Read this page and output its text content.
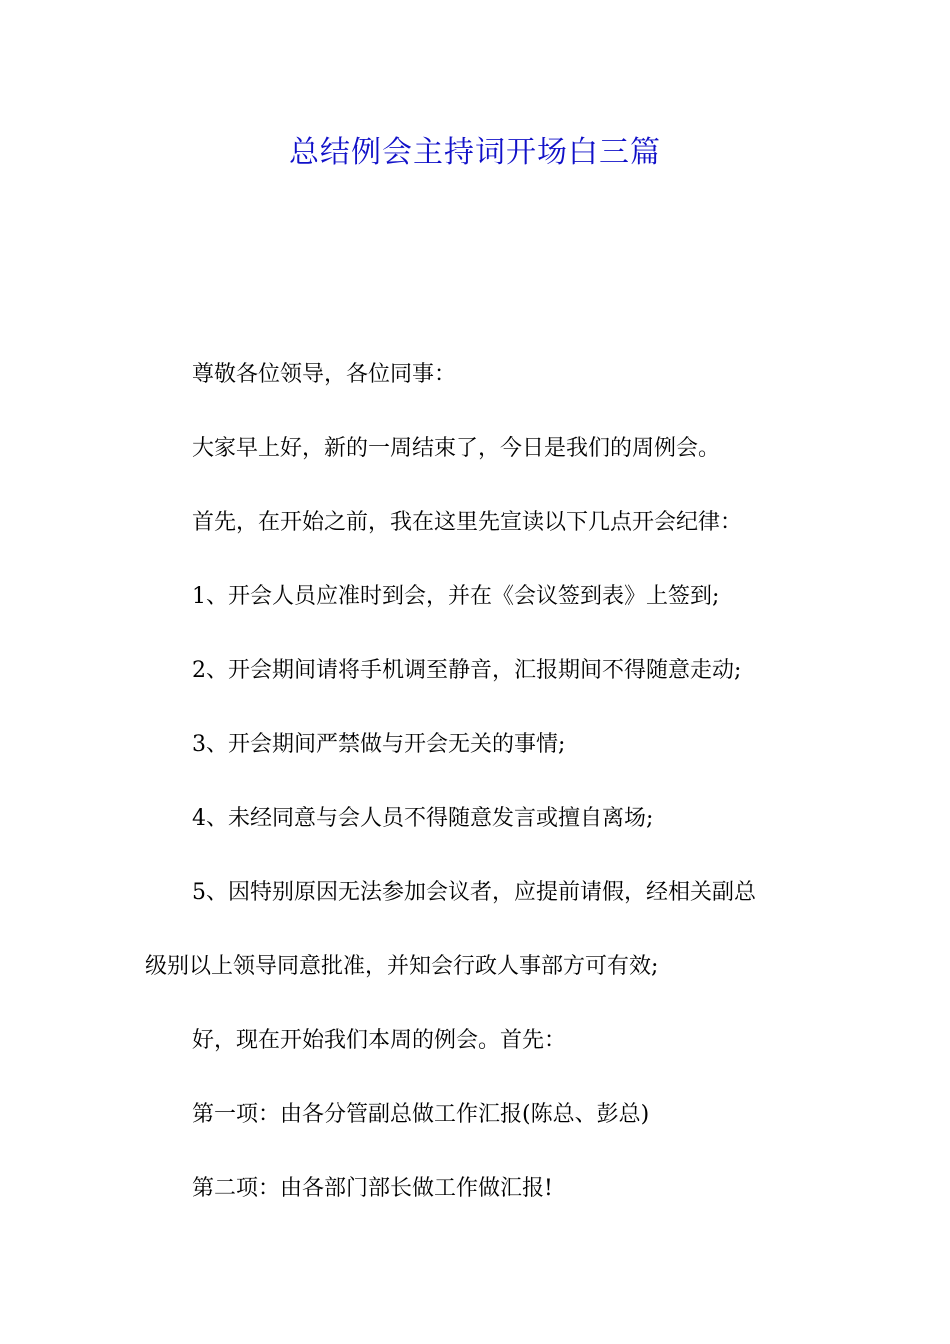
总结例会主持词开场白三篇

尊敬各位领导，各位同事：

大家早上好，新的一周结束了，今日是我们的周例会。

首先，在开始之前，我在这里先宣读以下几点开会纪律：

1、开会人员应准时到会，并在《会议签到表》上签到;

2、开会期间请将手机调至静音，汇报期间不得随意走动;

3、开会期间严禁做与开会无关的事情;

4、未经同意与会人员不得随意发言或擅自离场;

5、因特别原因无法参加会议者，应提前请假，经相关副总

级别以上领导同意批准，并知会行政人事部方可有效;

好，现在开始我们本周的例会。首先：

第一项：由各分管副总做工作汇报(陈总、彭总)

第二项：由各部门部长做工作做汇报!
